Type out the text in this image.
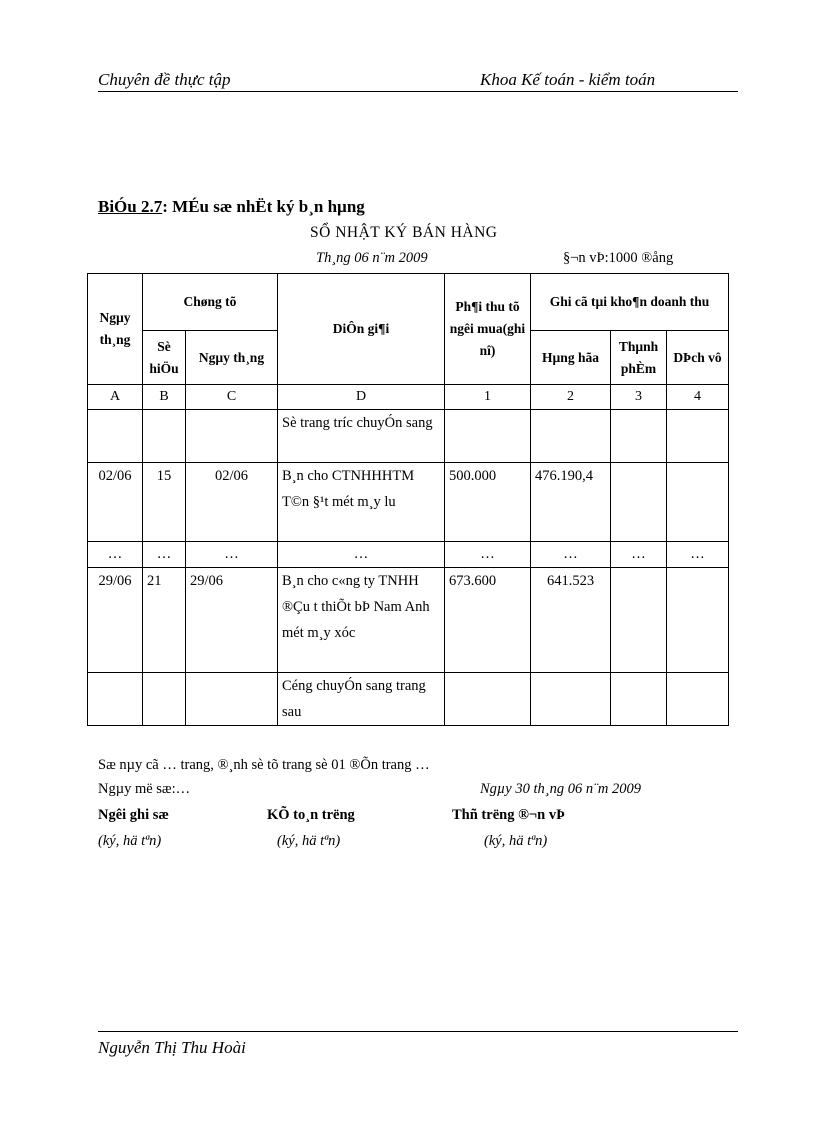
Chuyên đề thực tập	Khoa Kế toán - kiểm toán
BiÓu 2.7: MÉu sæ nhËt ký b¸n hµng
SỔ NHẬT KÝ BÁN HÀNG
Th¸ng 06 n¨m 2009	§¬n vÞ:1000 ®ång
Ngµy th¸ng	Chøng tõ		DiÔn gi¶i	Ph¶i thu tõ ngêi mua(ghi nî)	Ghi cã tµi kho¶n doanh thu		
	Sè hiÖu	Ngµy th¸ng			Hµng hãa	Thµnh phÈm	DÞch vô
A	B	C	D	1	2	3	4
			Sè trang tríc chuyÓn sang				
02/06	15	02/06	B¸n cho CTNHHHTM T©n §¹t mét m¸y lu	500.000	476.190,4		
…	…	…	…	…	…	…	…
29/06	21	29/06	B¸n cho c«ng ty TNHH ®Çu t thiÕt bÞ Nam Anh mét m¸y xóc	673.600	641.523		
			Céng chuyÓn sang trang sau				
Sæ nµy cã … trang, ®¸nh sè tõ trang sè 01 ®Õn trang …
Ngµy më sæ:…	Ngµy 30 th¸ng 06 n¨m 2009
Ngêi ghi sæ	KÕ to¸n trëng	Thñ trëng ®¬n vÞ
(ký, hä tªn)	(ký, hä tªn)	(ký, hä tªn)
Nguyễn Thị Thu Hoài
